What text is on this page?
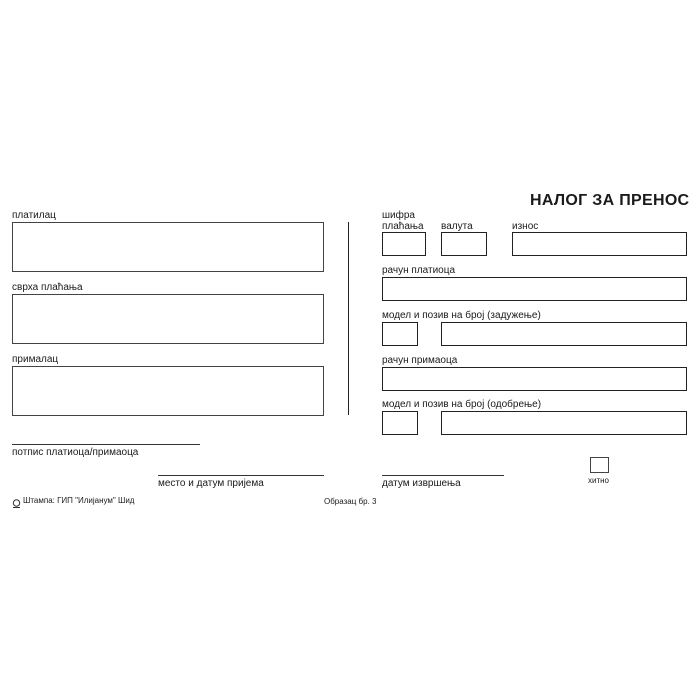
НАЛОГ ЗА ПРЕНОС
платилац
сврха плаћања
прималац
потпис платиоца/примаоца
место и датум пријема
шифра
плаћања валута	износ
рачун платиоца
модел и позив на број (задужење)
рачун примаоца
модел и позив на број (одобрење)
датум извршења	хитно
Штампа: ГИП "Илијанум" Шид	Образац бр. 3
